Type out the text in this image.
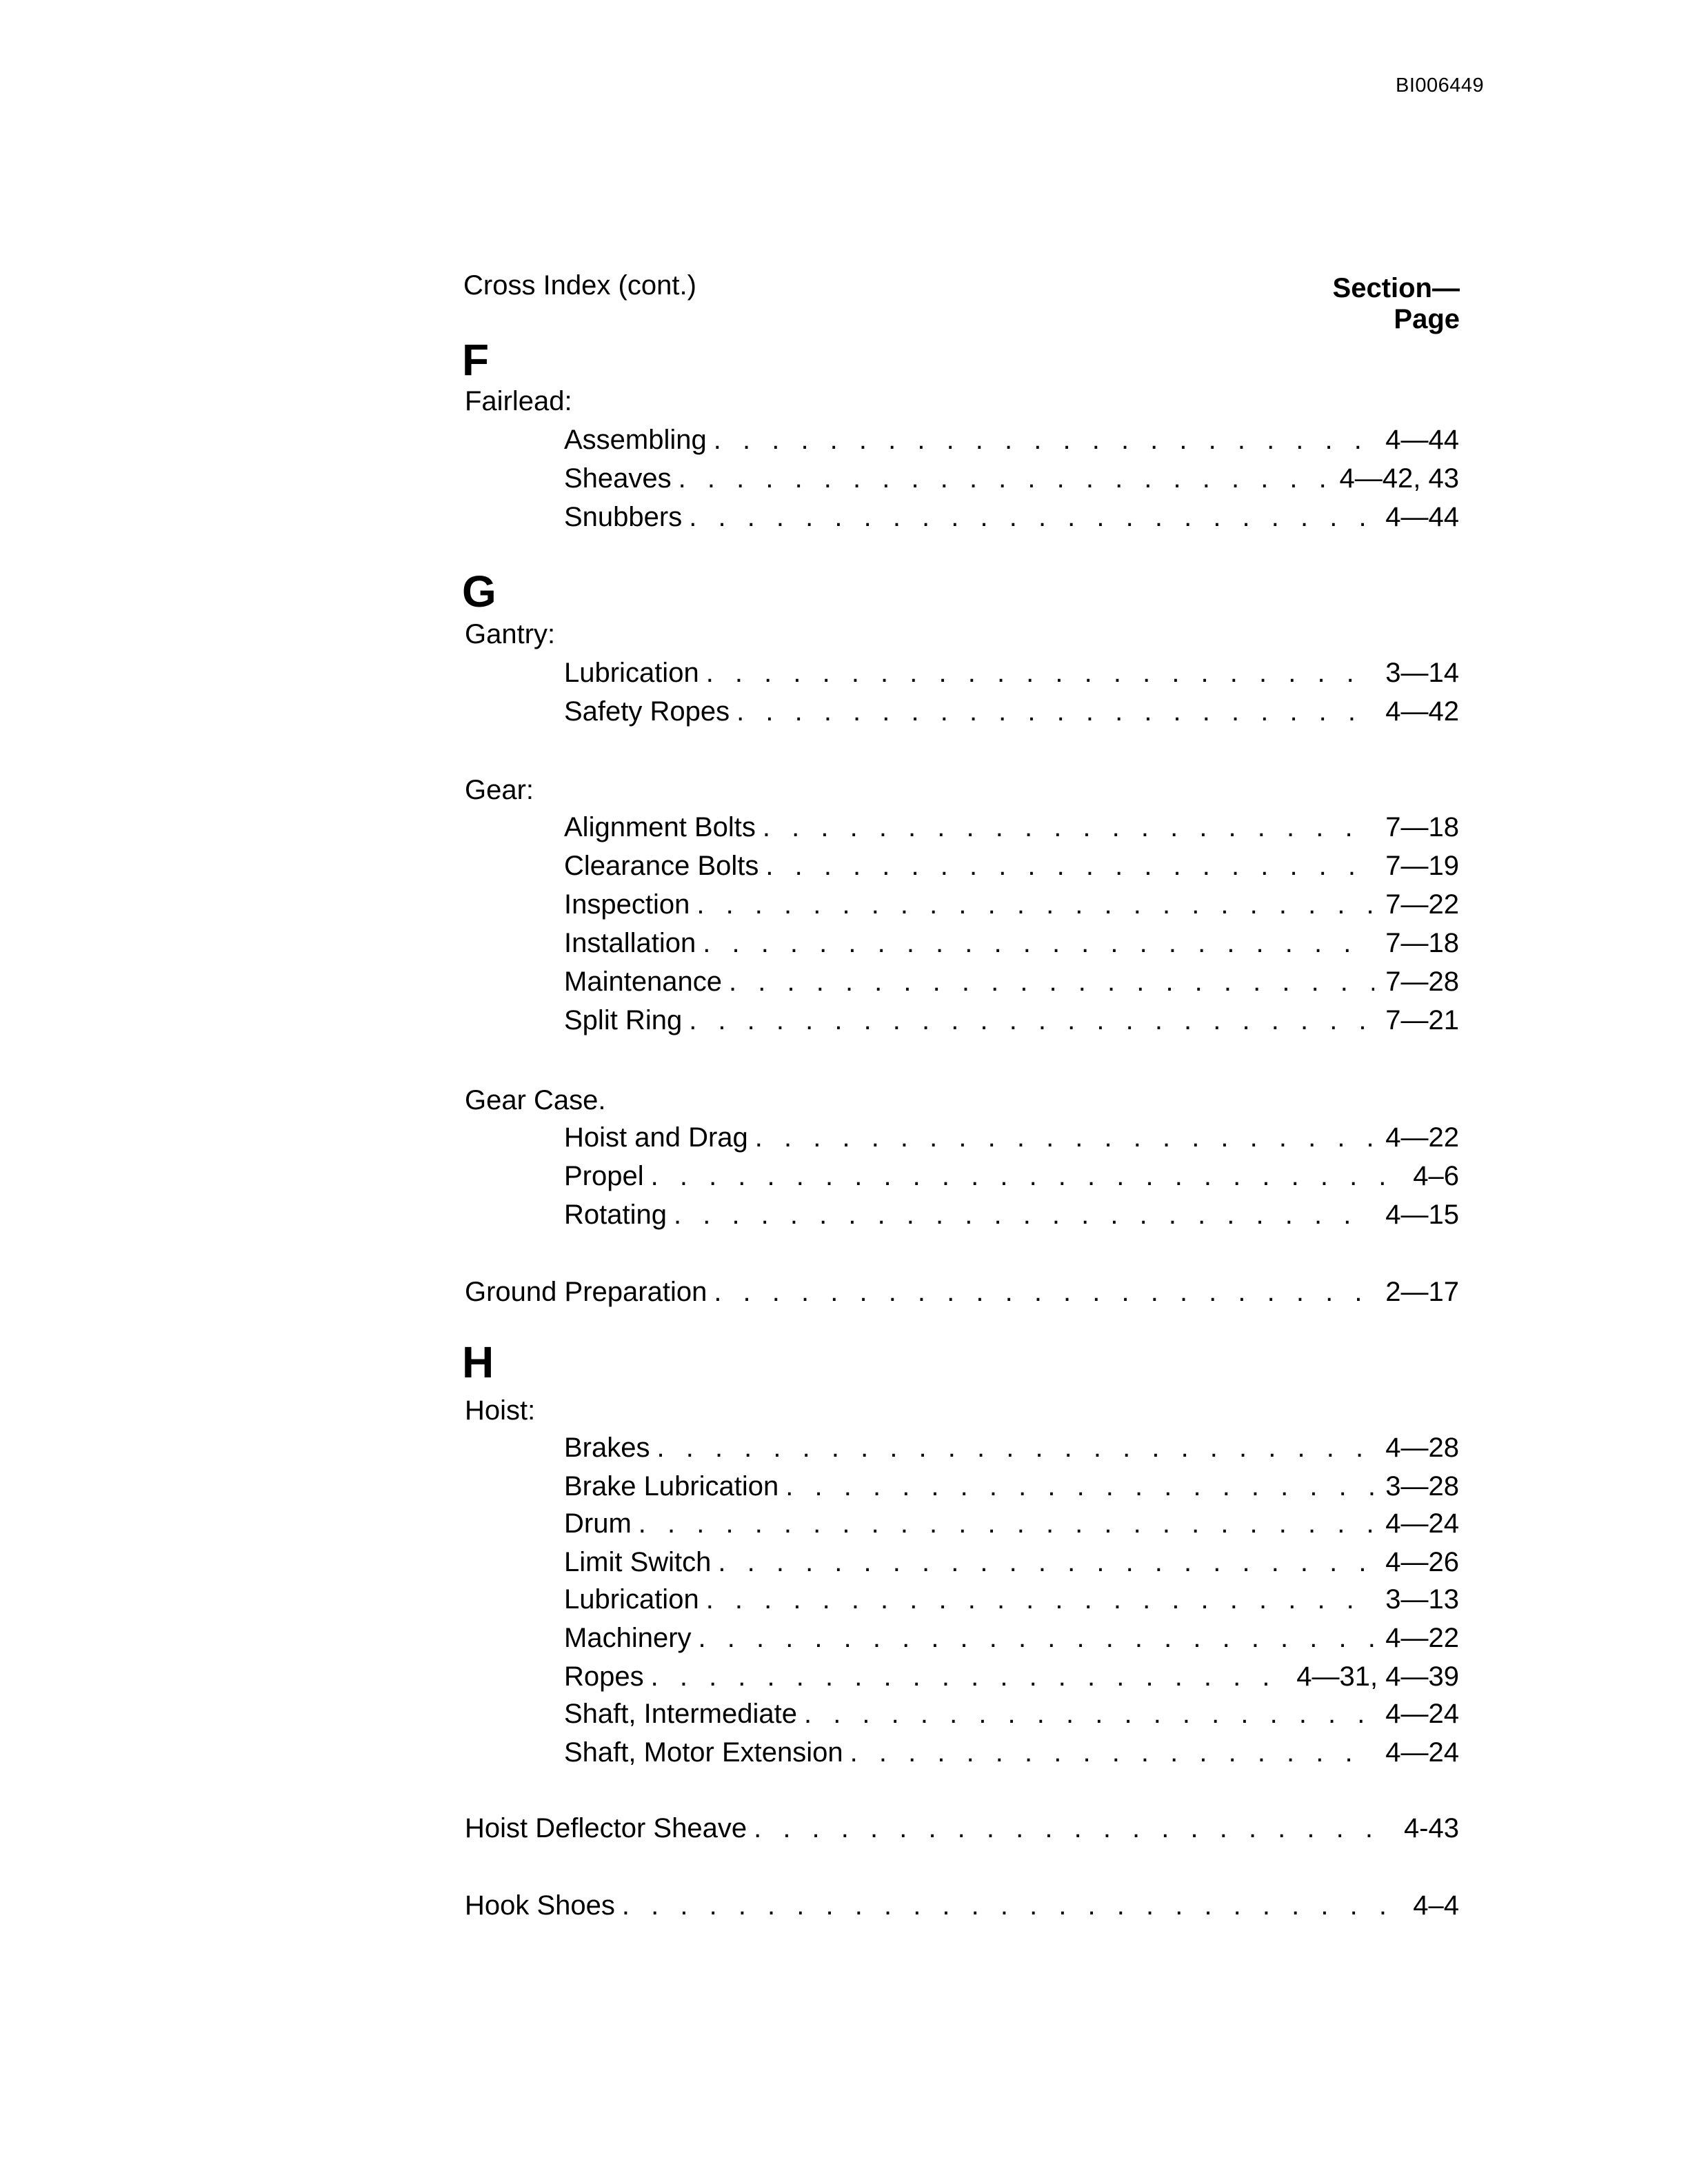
BI006449
Cross Index (cont.)	Section—Page
F
Fairlead:
Assembling . . .	4—44
Sheaves . . .	4—42, 43
Snubbers . . .	4—44
G
Gantry:
Lubrication . . .	3—14
Safety Ropes . . .	4—42
Gear:
Alignment Bolts . . .	7—18
Clearance Bolts . . .	7—19
Inspection . . .	7—22
Installation . . .	7—18
Maintenance . . .	7—28
Split Ring . . .	7—21
Gear Case.
Hoist and Drag . . .	4—22
Propel . . .	4–6
Rotating . . .	4—15
Ground Preparation . . .	2—17
H
Hoist:
Brakes . . .	4—28
Brake Lubrication . . .	3—28
Drum . . .	4—24
Limit Switch . . .	4—26
Lubrication . . .	3—13
Machinery . . .	4—22
Ropes . . .	4—31, 4—39
Shaft, Intermediate . . .	4—24
Shaft, Motor Extension . . .	4—24
Hoist Deflector Sheave . . .	4-43
Hook Shoes . . .	4–4
